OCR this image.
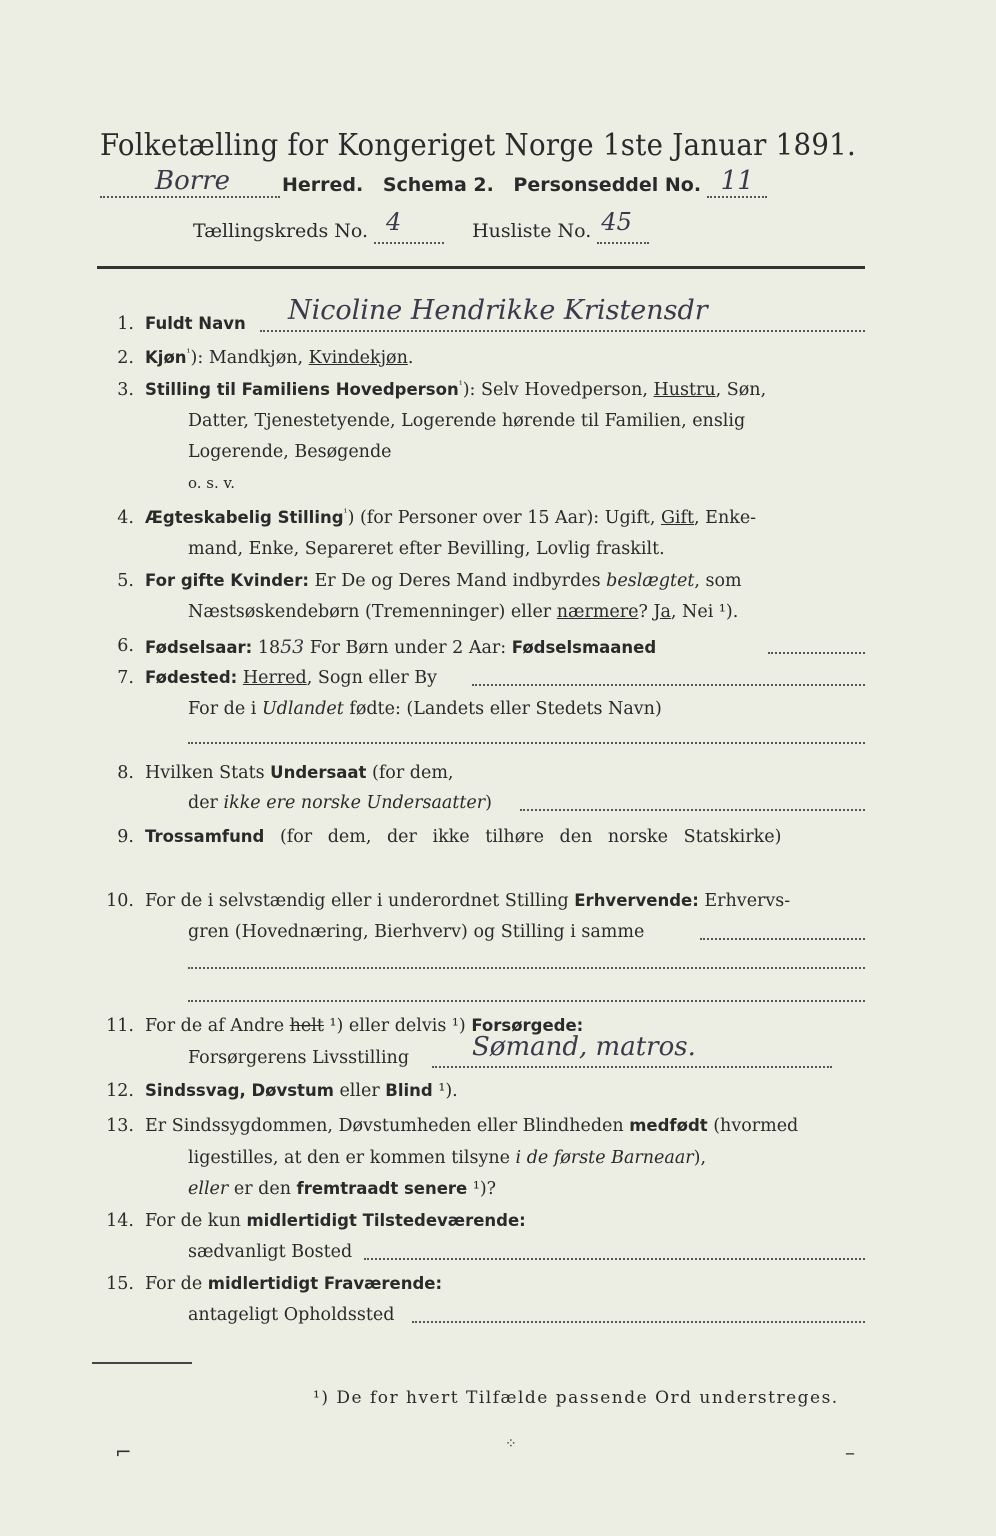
Folketælling for Kongeriget Norge 1ste Januar 1891.
Borre	Herred. Schema 2. Personseddel No. 11

Tællingskreds No. 4	Husliste No. 45

1. Fuldt Navn Nicoline Hendrikke Kristensdr
2. Kjøn$^{^1}$): Mandkjøn, Kvindekjøn.
3. Stilling til Familiens Hovedperson$^{^1}$): Selv Hovedperson, Hustru, Søn,
Datter, Tjenestetyende, Logerende hørende til Familien, enslig
Logerende, Besøgende
o. s. v.
4. Ægteskabelig Stilling$^{^1}$) (for Personer over 15 Aar): Ugift, Gift, Enke-
mand, Enke, Separeret efter Bevilling, Lovlig fraskilt.
5. For gifte Kvinder: Er De og Deres Mand indbyrdes beslægtet, som
Næstsøskendebørn (Tremenninger) eller nærmere? Ja, Nei ¹).
6. Fødselsaar: 1853 For Børn under 2 Aar: Fødselsmaaned
7. Fødested: Herred, Sogn eller By
For de i Udlandet fødte: (Landets eller Stedets Navn)
8. Hvilken Stats Undersaat (for dem,
der ikke ere norske Undersaatter)
9. Trossamfund (for dem, der ikke tilhøre den norske Statskirke)
10. For de i selvstændig eller i underordnet Stilling Erhvervende: Erhvervs-
gren (Hovednæring, Bierhverv) og Stilling i samme
11. For de af Andre helt ¹) eller delvis ¹) Forsørgede:
Forsørgerens Livsstilling Sømand, matros.
12. Sindssvag, Døvstum eller Blind ¹).
13. Er Sindssygdommen, Døvstumheden eller Blindheden medfødt (hvormed
ligestilles, at den er kommen tilsyne i de første Barneaar),
eller er den fremtraadt senere ¹)?
14. For de kun midlertidigt Tilstedeværende:
sædvanligt Bosted
15. For de midlertidigt Fraværende:
antageligt Opholdssted
¹) De for hvert Tilfælde passende Ord understreges.
⌐	⁘	–
